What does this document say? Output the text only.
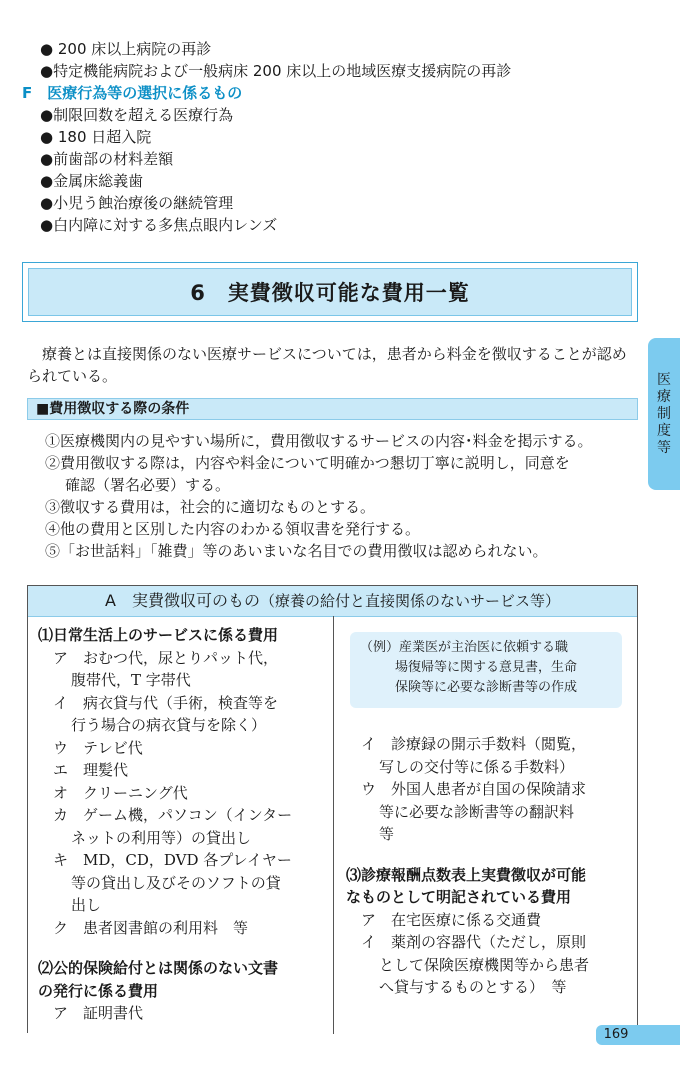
● 200 床以上病院の再診
●特定機能病院および一般病床 200 床以上の地域医療支援病院の再診
F　医療行為等の選択に係るもの
●制限回数を超える医療行為
● 180 日超入院
●前歯部の材料差額
●金属床総義歯
●小児う蝕治療後の継続管理
●白内障に対する多焦点眼内レンズ
6　実費徴収可能な費用一覧
医
療
制
度
等
療養とは直接関係のない医療サービスについては，患者から料金を徴収することが認められている。
■費用徴収する際の条件
①医療機関内の見やすい場所に，費用徴収するサービスの内容･料金を掲示する。
②費用徴収する際は，内容や料金について明確かつ懇切丁寧に説明し，同意を
確認（署名必要）する。
③徴収する費用は，社会的に適切なものとする。
④他の費用と区別した内容のわかる領収書を発行する。
⑤「お世話料」「雑費」等のあいまいな名目での費用徴収は認められない。
A　実費徴収可のもの（療養の給付と直接関係のないサービス等）
⑴日常生活上のサービスに係る費用
ア　おむつ代，尿とりパット代，
腹帯代，T 字帯代
イ　病衣貸与代（手術，検査等を
行う場合の病衣貸与を除く）
ウ　テレビ代
エ　理髪代
オ　クリーニング代
カ　ゲーム機，パソコン（インター
ネットの利用等）の貸出し
キ　MD，CD，DVD 各プレイヤー
等の貸出し及びそのソフトの貸
出し
ク　患者図書館の利用料　等
⑵公的保険給付とは関係のない文書
の発行に係る費用
ア　証明書代
（例）産業医が主治医に依頼する職
場復帰等に関する意見書，生命
保険等に必要な診断書等の作成
イ　診療録の開示手数料（閲覧，
写しの交付等に係る手数料）
ウ　外国人患者が自国の保険請求
等に必要な診断書等の翻訳料
等
⑶診療報酬点数表上実費徴収が可能
なものとして明記されている費用
ア　在宅医療に係る交通費
イ　薬剤の容器代（ただし，原則
として保険医療機関等から患者
へ貸与するものとする）　等
169
